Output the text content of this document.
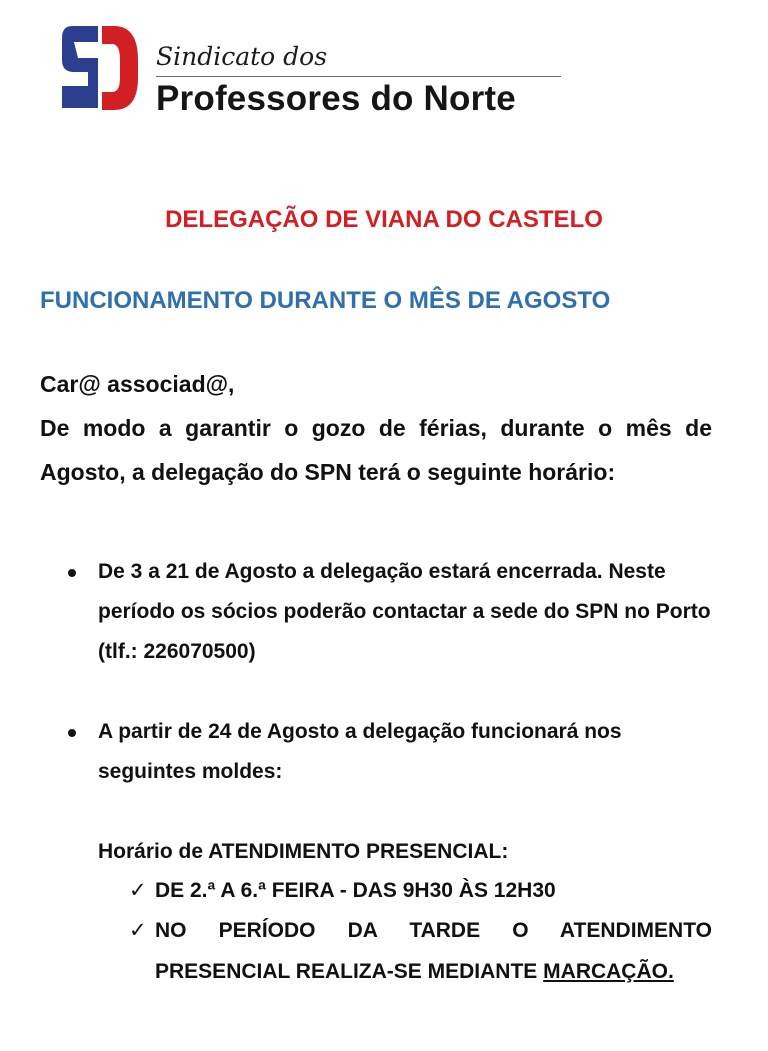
Sindicato dos
Professores do Norte
DELEGAÇÃO DE VIANA DO CASTELO
FUNCIONAMENTO DURANTE O MÊS DE AGOSTO
Car@ associad@,
De modo a garantir o gozo de férias, durante o mês de Agosto, a delegação do SPN terá o seguinte horário:
De 3 a 21 de Agosto a delegação estará encerrada. Neste período os sócios poderão contactar a sede do SPN no Porto (tlf.: 226070500)
A partir de 24 de Agosto a delegação funcionará nos seguintes moldes:
Horário de ATENDIMENTO PRESENCIAL:
✓ DE 2.ª A 6.ª FEIRA - DAS 9H30 ÀS 12H30
✓ NO PERÍODO DA TARDE O ATENDIMENTO PRESENCIAL REALIZA-SE MEDIANTE MARCAÇÃO.
